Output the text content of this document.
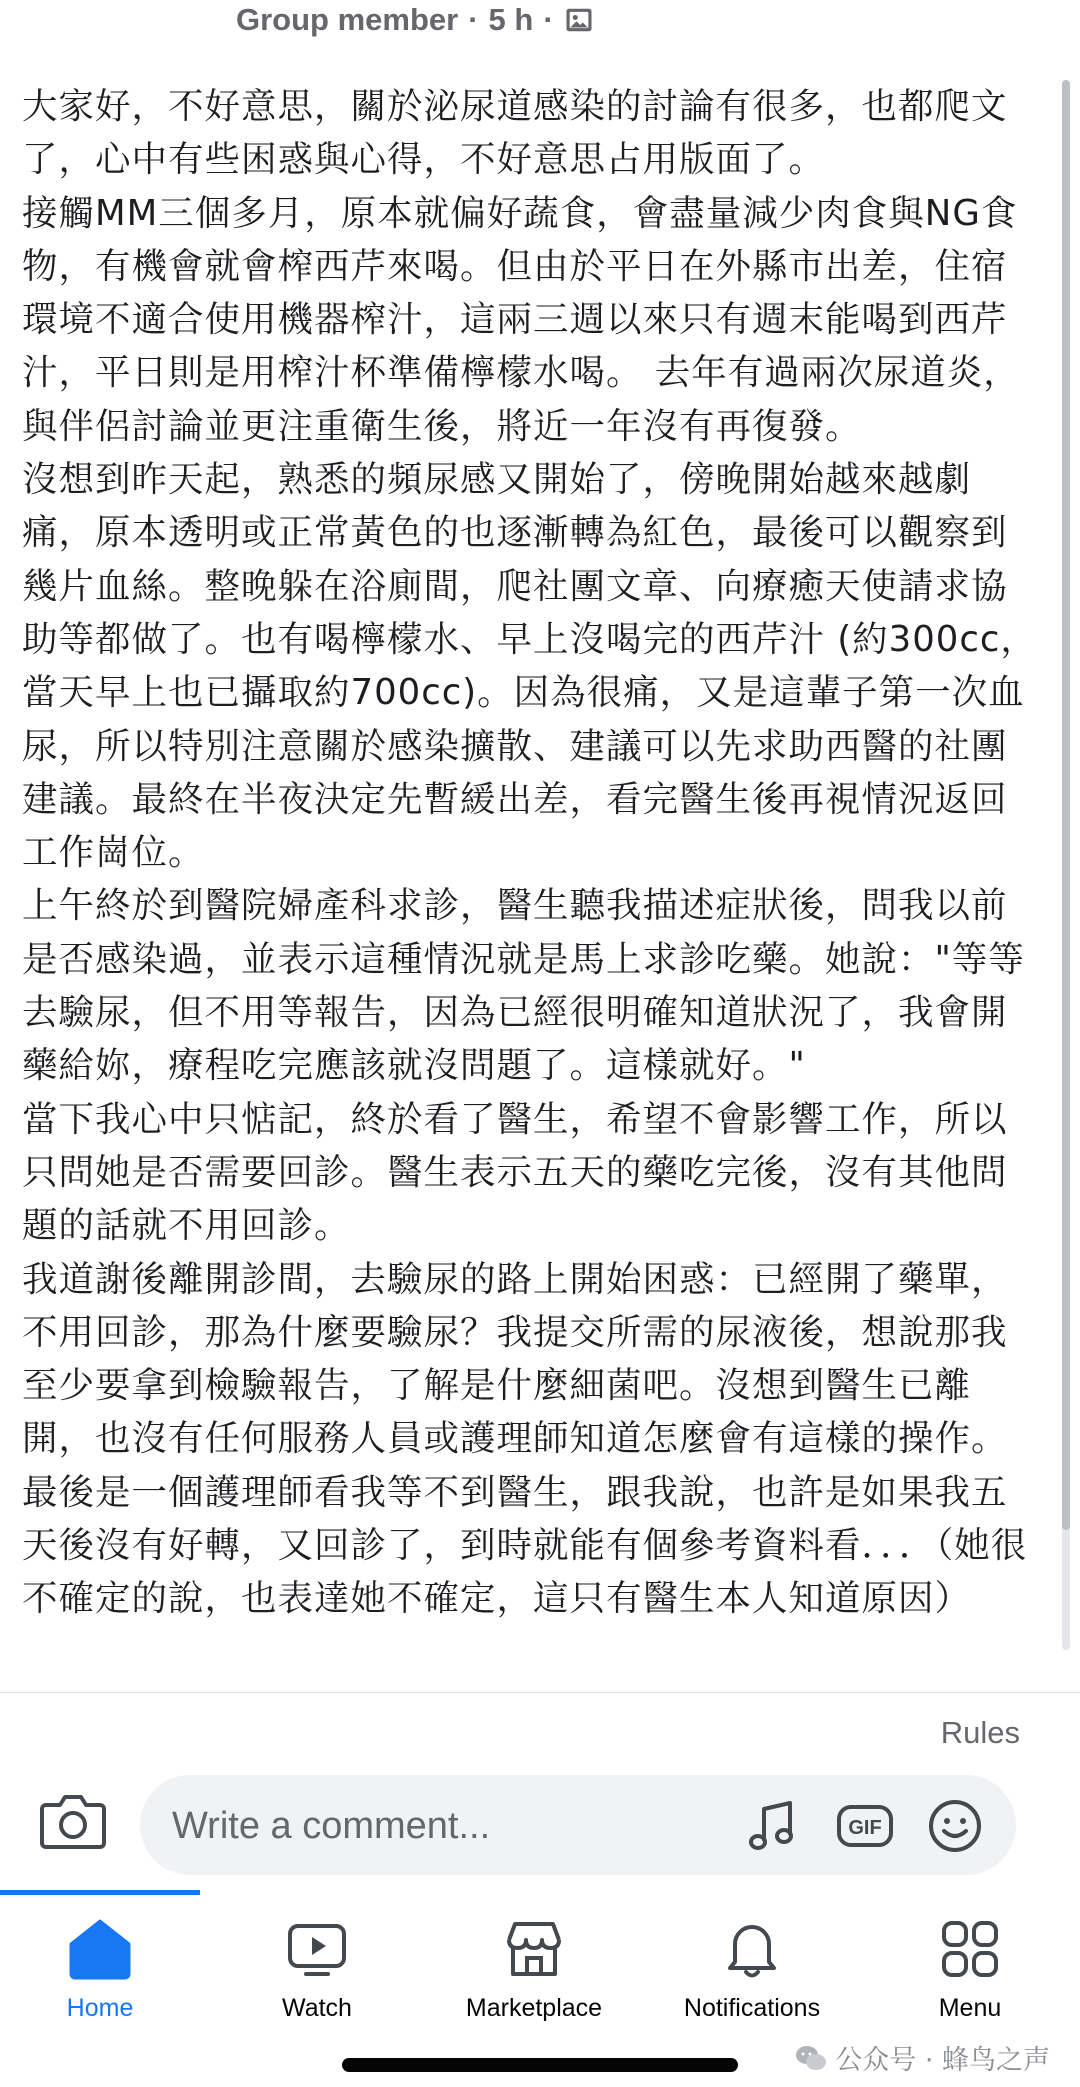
Group member · 5 h ·

大家好，不好意思，關於泌尿道感染的討論有很多，也都爬文了，心中有些困惑與心得，不好意思占用版面了。

接觸MM三個多月，原本就偏好蔬食，會盡量減少肉食與NG食物，有機會就會榨西芹來喝。但由於平日在外縣市出差，住宿環境不適合使用機器榨汁，這兩三週以來只有週末能喝到西芹汁，平日則是用榨汁杯準備檸檬水喝。 去年有過兩次尿道炎，與伴侶討論並更注重衛生後，將近一年沒有再復發。

沒想到昨天起，熟悉的頻尿感又開始了，傍晚開始越來越劇痛，原本透明或正常黃色的也逐漸轉為紅色，最後可以觀察到幾片血絲。整晚躲在浴廁間，爬社團文章、向療癒天使請求協助等都做了。也有喝檸檬水、早上沒喝完的西芹汁 (約300cc，當天早上也已攝取約700cc)。因為很痛，又是這輩子第一次血尿，所以特別注意關於感染擴散、建議可以先求助西醫的社團建議。最終在半夜決定先暫緩出差，看完醫生後再視情況返回工作崗位。

上午終於到醫院婦產科求診，醫生聽我描述症狀後，問我以前是否感染過，並表示這種情況就是馬上求診吃藥。她說："等等去驗尿，但不用等報告，因為已經很明確知道狀況了，我會開藥給妳，療程吃完應該就沒問題了。這樣就好。"

當下我心中只惦記，終於看了醫生，希望不會影響工作，所以只問她是否需要回診。醫生表示五天的藥吃完後，沒有其他問題的話就不用回診。

我道謝後離開診間，去驗尿的路上開始困惑：已經開了藥單，不用回診，那為什麼要驗尿？我提交所需的尿液後，想說那我至少要拿到檢驗報告，了解是什麼細菌吧。沒想到醫生已離開，也沒有任何服務人員或護理師知道怎麼會有這樣的操作。最後是一個護理師看我等不到醫生，跟我說，也許是如果我五天後沒有好轉，又回診了，到時就能有個參考資料看．．．（她很不確定的說，也表達她不確定，這只有醫生本人知道原因）

Rules
Write a comment...
GIF
Home	Watch	Marketplace	Notifications	Menu
公众号 · 蜂鸟之声
